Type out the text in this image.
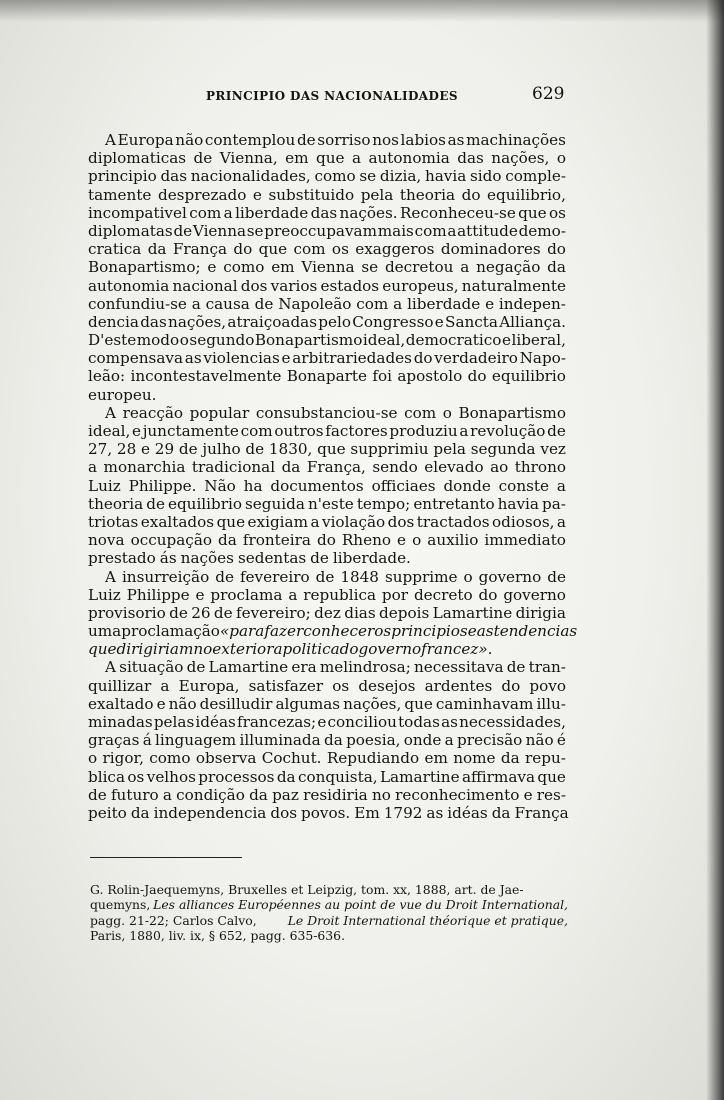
PRINCIPIO DAS NACIONALIDADES	629
A Europa não contemplou de sorriso nos labios as machinações
diplomaticas de Vienna, em que a autonomia das nações, o
principio das nacionalidades, como se dizia, havia sido comple-
tamente desprezado e substituido pela theoria do equilibrio,
incompativel com a liberdade das nações. Reconheceu-se que os
diplomatas de Vienna se preoccupavam mais com a attitude demo-
cratica da França do que com os exaggeros dominadores do
Bonapartismo; e como em Vienna se decretou a negação da
autonomia nacional dos varios estados europeus, naturalmente
confundiu-se a causa de Napoleão com a liberdade e indepen-
dencia das nações, atraiçoadas pelo Congresso e Sancta Alliança.
D'este modo o segundo Bonapartismo ideal, democratico e liberal,
compensava as violencias e arbitrariedades do verdadeiro Napo-
leão: incontestavelmente Bonaparte foi apostolo do equilibrio
europeu.
A reacção popular consubstanciou-se com o Bonapartismo
ideal, e junctamente com outros factores produziu a revolução de
27, 28 e 29 de julho de 1830, que supprimiu pela segunda vez
a monarchia tradicional da França, sendo elevado ao throno
Luiz Philippe. Não ha documentos officiaes donde conste a
theoria de equilibrio seguida n'este tempo; entretanto havia pa-
triotas exaltados que exigiam a violação dos tractados odiosos, a
nova occupação da fronteira do Rheno e o auxilio immediato
prestado ás nações sedentas de liberdade.
A insurreição de fevereiro de 1848 supprime o governo de
Luiz Philippe e proclama a republica por decreto do governo
provisorio de 26 de fevereiro; dez dias depois Lamartine dirigia
uma proclamação «para fazer conhecer os principios e as tendencias
que dirigiriam no exterior a politica do governo francez».
A situação de Lamartine era melindrosa; necessitava de tran-
quillizar a Europa, satisfazer os desejos ardentes do povo
exaltado e não desilludir algumas nações, que caminhavam illu-
minadas pelas idéas francezas; e conciliou todas as necessidades,
graças á linguagem illuminada da poesia, onde a precisão não é
o rigor, como observa Cochut. Repudiando em nome da repu-
blica os velhos processos da conquista, Lamartine affirmava que
de futuro a condição da paz residiria no reconhecimento e res-
peito da independencia dos povos. Em 1792 as idéas da França
G. Rolin-Jaequemyns, Bruxelles et Leipzig, tom. xx, 1888, art. de Jae-
quemyns, Les alliances Européennes au point de vue du Droit International,
pagg. 21-22; Carlos Calvo,	Le Droit International théorique et pratique,
Paris, 1880, liv. ix, § 652, pagg. 635-636.
